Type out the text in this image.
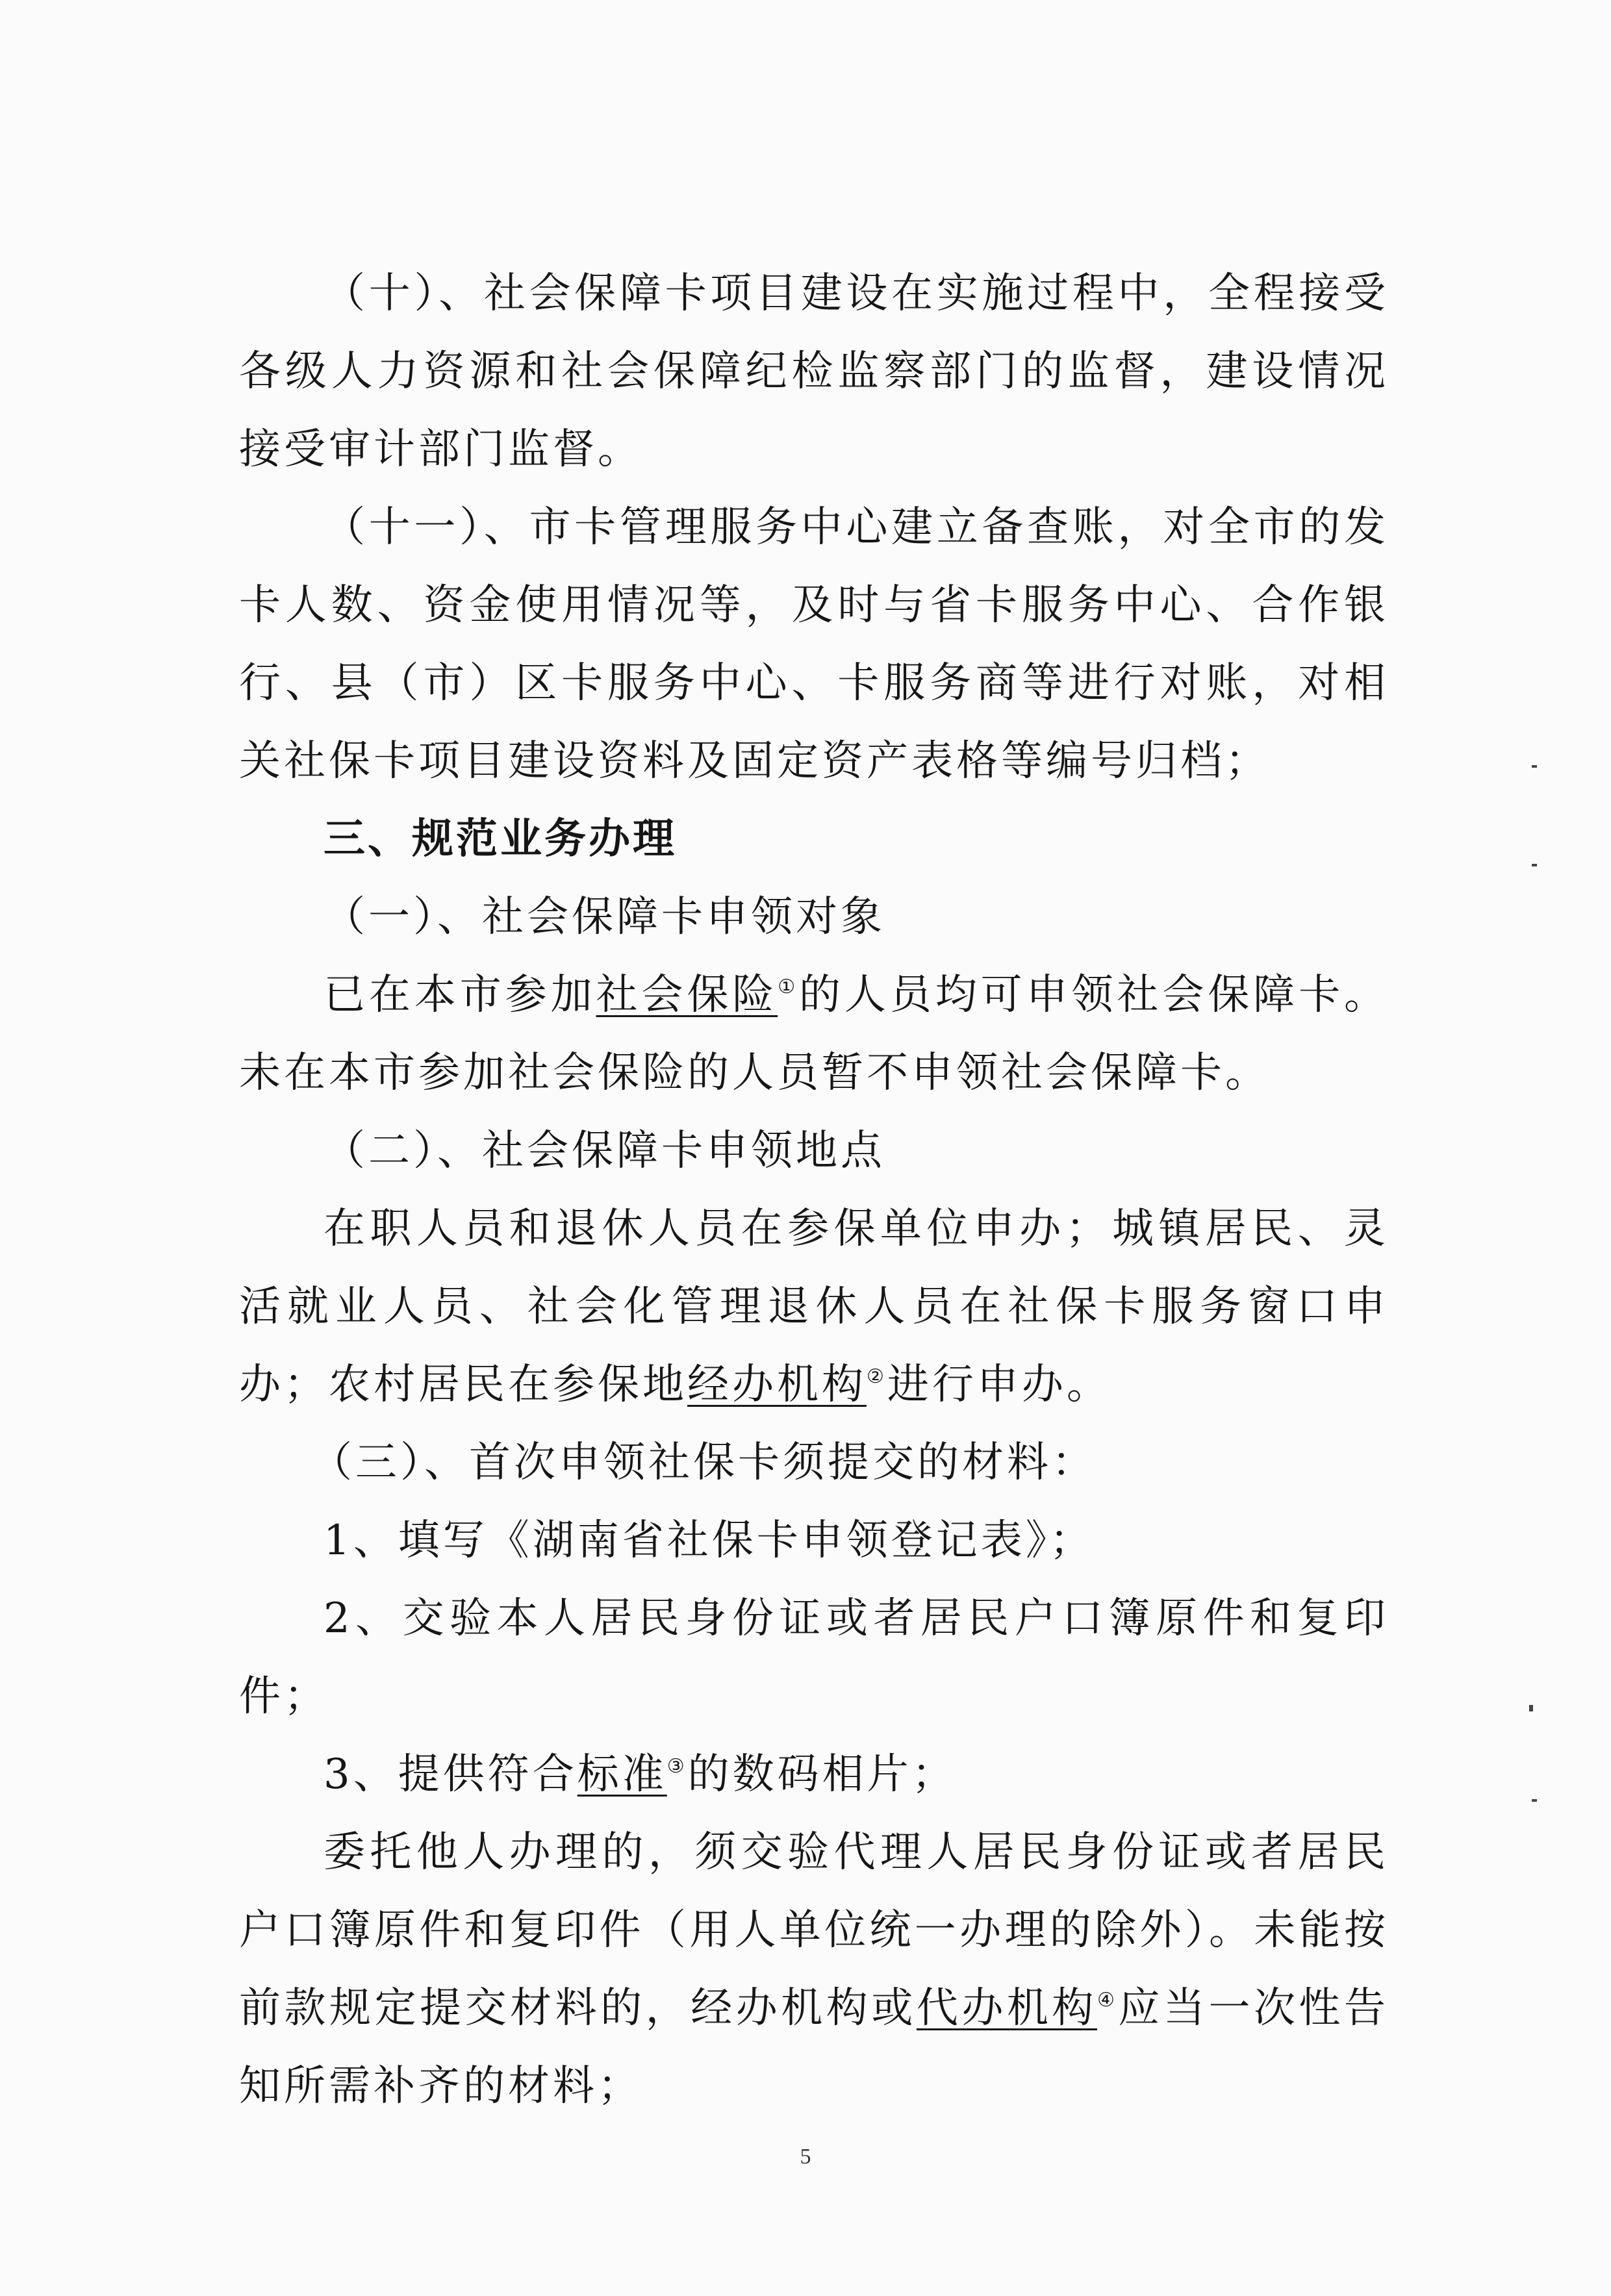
（十）、社会保障卡项目建设在实施过程中，全程接受各级人力资源和社会保障纪检监察部门的监督，建设情况接受审计部门监督。

（十一）、市卡管理服务中心建立备查账，对全市的发卡人数、资金使用情况等，及时与省卡服务中心、合作银行、县（市）区卡服务中心、卡服务商等进行对账，对相关社保卡项目建设资料及固定资产表格等编号归档；

三、规范业务办理

（一）、社会保障卡申领对象

已在本市参加社会保险①的人员均可申领社会保障卡。未在本市参加社会保险的人员暂不申领社会保障卡。

（二）、社会保障卡申领地点

在职人员和退休人员在参保单位申办；城镇居民、灵活就业人员、社会化管理退休人员在社保卡服务窗口申办；农村居民在参保地经办机构②进行申办。

（三）、首次申领社保卡须提交的材料：

1、填写《湖南省社保卡申领登记表》；

2、交验本人居民身份证或者居民户口簿原件和复印件；

3、提供符合标准③的数码相片；

委托他人办理的，须交验代理人居民身份证或者居民户口簿原件和复印件（用人单位统一办理的除外）。未能按前款规定提交材料的，经办机构或代办机构④应当一次性告知所需补齐的材料；

5
